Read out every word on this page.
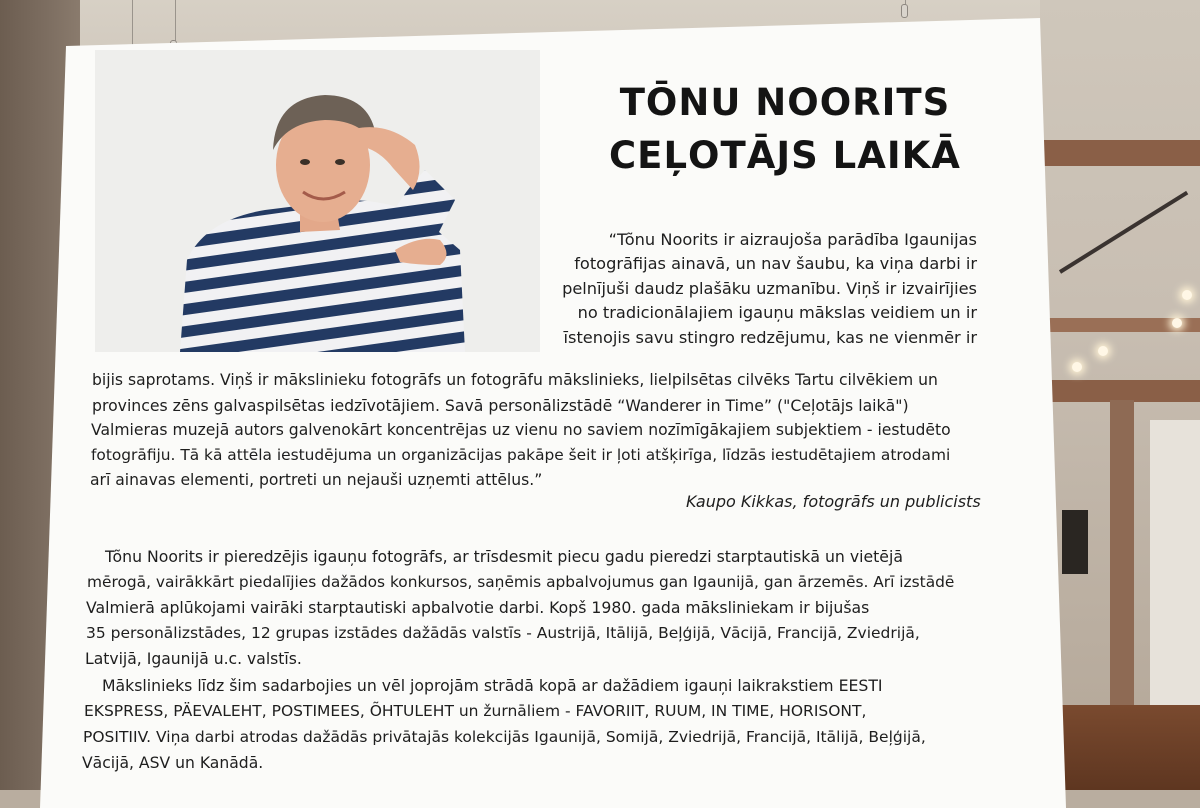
TŌNU NOORITS
CEĻOTĀJS LAIKĀ
“Tõnu Noorits ir aizraujoša parādība Igaunijas
fotogrāfijas ainavā, un nav šaubu, ka viņa darbi ir
pelnījuši daudz plašāku uzmanību. Viņš ir izvairījies
no tradicionālajiem igauņu mākslas veidiem un ir
īstenojis savu stingro redzējumu, kas ne vienmēr ir
bijis saprotams. Viņš ir mākslinieku fotogrāfs un fotogrāfu mākslinieks, lielpilsētas cilvēks Tartu cilvēkiem un
provinces zēns galvaspilsētas iedzīvotājiem. Savā personālizstādē “Wanderer in Time” ("Ceļotājs laikā")
Valmieras muzejā autors galvenokārt koncentrējas uz vienu no saviem nozīmīgākajiem subjektiem - iestudēto
fotogrāfiju. Tā kā attēla iestudējuma un organizācijas pakāpe šeit ir ļoti atšķirīga, līdzās iestudētajiem atrodami
arī ainavas elementi, portreti un nejauši uzņemti attēlus.”
Kaupo Kikkas, fotogrāfs un publicists
Tõnu Noorits ir pieredzējis igauņu fotogrāfs, ar trīsdesmit piecu gadu pieredzi starptautiskā un vietējā
mērogā, vairākkārt piedalījies dažādos konkursos, saņēmis apbalvojumus gan Igaunijā, gan ārzemēs. Arī izstādē
Valmierā aplūkojami vairāki starptautiski apbalvotie darbi. Kopš 1980. gada māksliniekam ir bijušas
35 personālizstādes, 12 grupas izstādes dažādās valstīs - Austrijā, Itālijā, Beļģijā, Vācijā, Francijā, Zviedrijā,
Latvijā, Igaunijā u.c. valstīs.
Mākslinieks līdz šim sadarbojies un vēl joprojām strādā kopā ar dažādiem igauņi laikrakstiem EESTI
EKSPRESS, PÄEVALEHT, POSTIMEES, ÕHTULEHT un žurnāliem - FAVORIIT, RUUM, IN TIME, HORISONT,
POSITIIV. Viņa darbi atrodas dažādās privātajās kolekcijās Igaunijā, Somijā, Zviedrijā, Francijā, Itālijā, Beļģijā,
Vācijā, ASV un Kanādā.
